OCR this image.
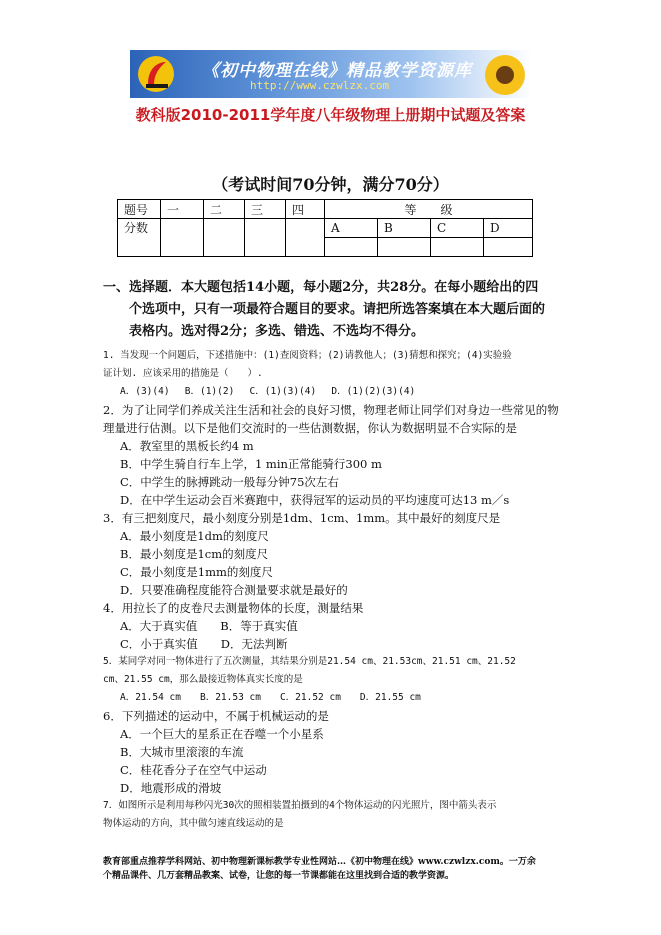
《初中物理在线》精品教学资源库
http://www.czwlzx.com
教科版2010-2011学年度八年级物理上册期中试题及答案
（考试时间70分钟，满分70分）
题号	一	二	三	四	等　　级			
分数					A	B	C	D

一、选择题．本大题包括14小题，每小题2分，共28分。在每小题给出的四
个选项中，只有一项最符合题目的要求。请把所选答案填在本大题后面的
表格内。选对得2分；多选、错选、不选均不得分。
1. 当发现一个问题后，下述措施中：(1)查阅资料；(2)请教他人；(3)猜想和探究；(4)实验验
证计划. 应该采用的措施是（　　）.
A．(3)(4)　 B．(1)(2)　 C．(1)(3)(4)　 D．(1)(2)(3)(4)
2．为了让同学们养成关注生活和社会的良好习惯，物理老师让同学们对身边一些常见的物
理量进行估测。以下是他们交流时的一些估测数据，你认为数据明显不合实际的是
A．教室里的黑板长约4 m
B．中学生骑自行车上学，1 min正常能骑行300 m
C．中学生的脉搏跳动一般每分钟75次左右
D．在中学生运动会百米赛跑中，获得冠军的运动员的平均速度可达13 m／s
3．有三把刻度尺，最小刻度分别是1dm、1cm、1mm。其中最好的刻度尺是
A．最小刻度是1dm的刻度尺
B．最小刻度是1cm的刻度尺
C．最小刻度是1mm的刻度尺
D．只要准确程度能符合测量要求就是最好的
4．用拉长了的皮卷尺去测量物体的长度，测量结果
A．大于真实值　　B．等于真实值
C．小于真实值　　D．无法判断
5．某同学对同一物体进行了五次测量，其结果分别是21.54 cm、21.53cm、21.51 cm、21.52
cm、21.55 cm，那么最接近物体真实长度的是
A．21.54 cm　　B．21.53 cm　　C．21.52 cm　　D．21.55 cm
6．下列描述的运动中，不属于机械运动的是
A．一个巨大的星系正在吞噬一个小星系
B．大城市里滚滚的车流
C．桂花香分子在空气中运动
D．地震形成的滑坡
7．如图所示是利用每秒闪光30次的照相装置拍摄到的4个物体运动的闪光照片，图中箭头表示
物体运动的方向，其中做匀速直线运动的是
教育部重点推荐学科网站、初中物理新课标教学专业性网站…《初中物理在线》www.czwlzx.com。一万余
个精品课件、几万套精品教案、试卷，让您的每一节课都能在这里找到合适的教学资源。
